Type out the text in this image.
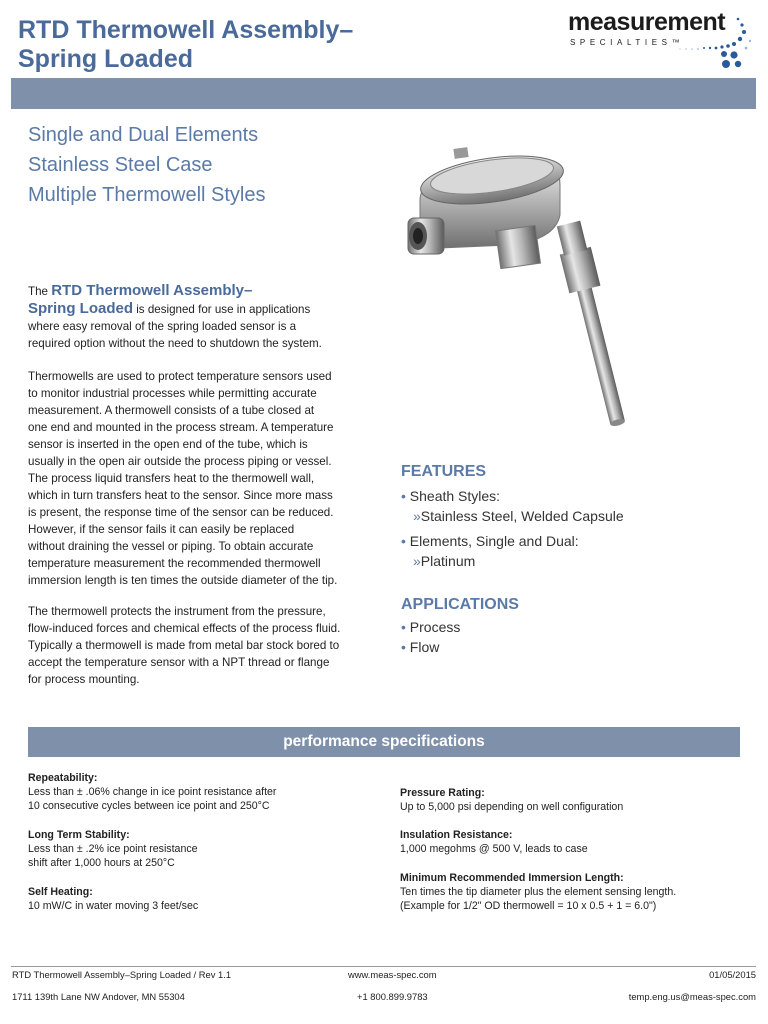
RTD Thermowell Assembly–
Spring Loaded
measurement
SPECIALTIES™
Single and Dual Elements
Stainless Steel Case
Multiple Thermowell Styles
The RTD Thermowell Assembly–
Spring Loaded is designed for use in applications
where easy removal of the spring loaded sensor is a
required option without the need to shutdown the system.
Thermowells are used to protect temperature sensors used
to monitor industrial processes while permitting accurate
measurement. A thermowell consists of a tube closed at
one end and mounted in the process stream. A temperature
sensor is inserted in the open end of the tube, which is
usually in the open air outside the process piping or vessel.
The process liquid transfers heat to the thermowell wall,
which in turn transfers heat to the sensor. Since more mass
is present, the response time of the sensor can be reduced.
However, if the sensor fails it can easily be replaced
without draining the vessel or piping. To obtain accurate
temperature measurement the recommended thermowell
immersion length is ten times the outside diameter of the tip.
The thermowell protects the instrument from the pressure,
flow-induced forces and chemical effects of the process fluid.
Typically a thermowell is made from metal bar stock bored to
accept the temperature sensor with a NPT thread or flange
for process mounting.
FEATURES
• Sheath Styles:
»Stainless Steel, Welded Capsule
• Elements, Single and Dual:
»Platinum
APPLICATIONS
• Process
• Flow
performance specifications
Repeatability:
Less than ± .06% change in ice point resistance after
10 consecutive cycles between ice point and 250°C
Long Term Stability:
Less than ± .2% ice point resistance
shift after 1,000 hours at 250°C
Self Heating:
10 mW/C in water moving 3 feet/sec
Pressure Rating:
Up to 5,000 psi depending on well configuration
Insulation Resistance:
1,000 megohms @ 500 V, leads to case
Minimum Recommended Immersion Length:
Ten times the tip diameter plus the element sensing length.
(Example for 1/2" OD thermowell = 10 x 0.5 + 1 = 6.0")
RTD Thermowell Assembly–Spring Loaded / Rev 1.1	www.meas-spec.com	01/05/2015
1711 139th Lane NW Andover, MN 55304	+1 800.899.9783	temp.eng.us@meas-spec.com
